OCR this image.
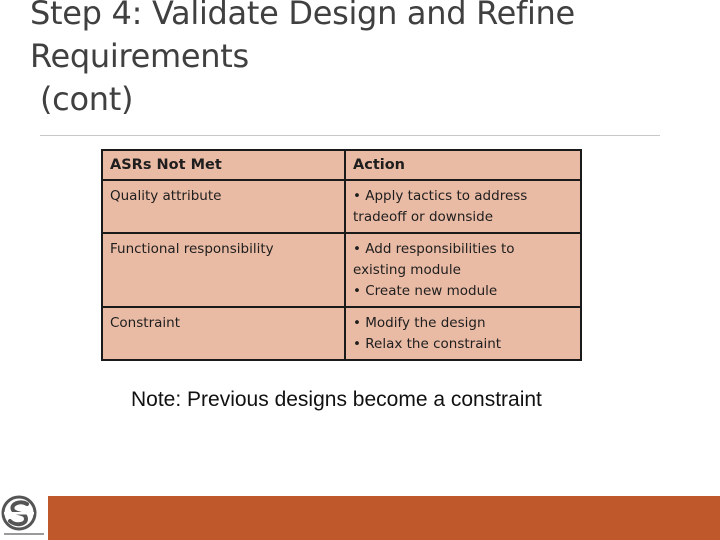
Step 4: Validate Design and Refine
Requirements
(cont)
ASRs Not Met	Action
Quality attribute	• Apply tactics to address
tradeoff or downside

Functional responsibility	• Add responsibilities to
existing module
• Create new module

Constraint	• Modify the design
• Relax the constraint

Note: Previous designs become a constraint
